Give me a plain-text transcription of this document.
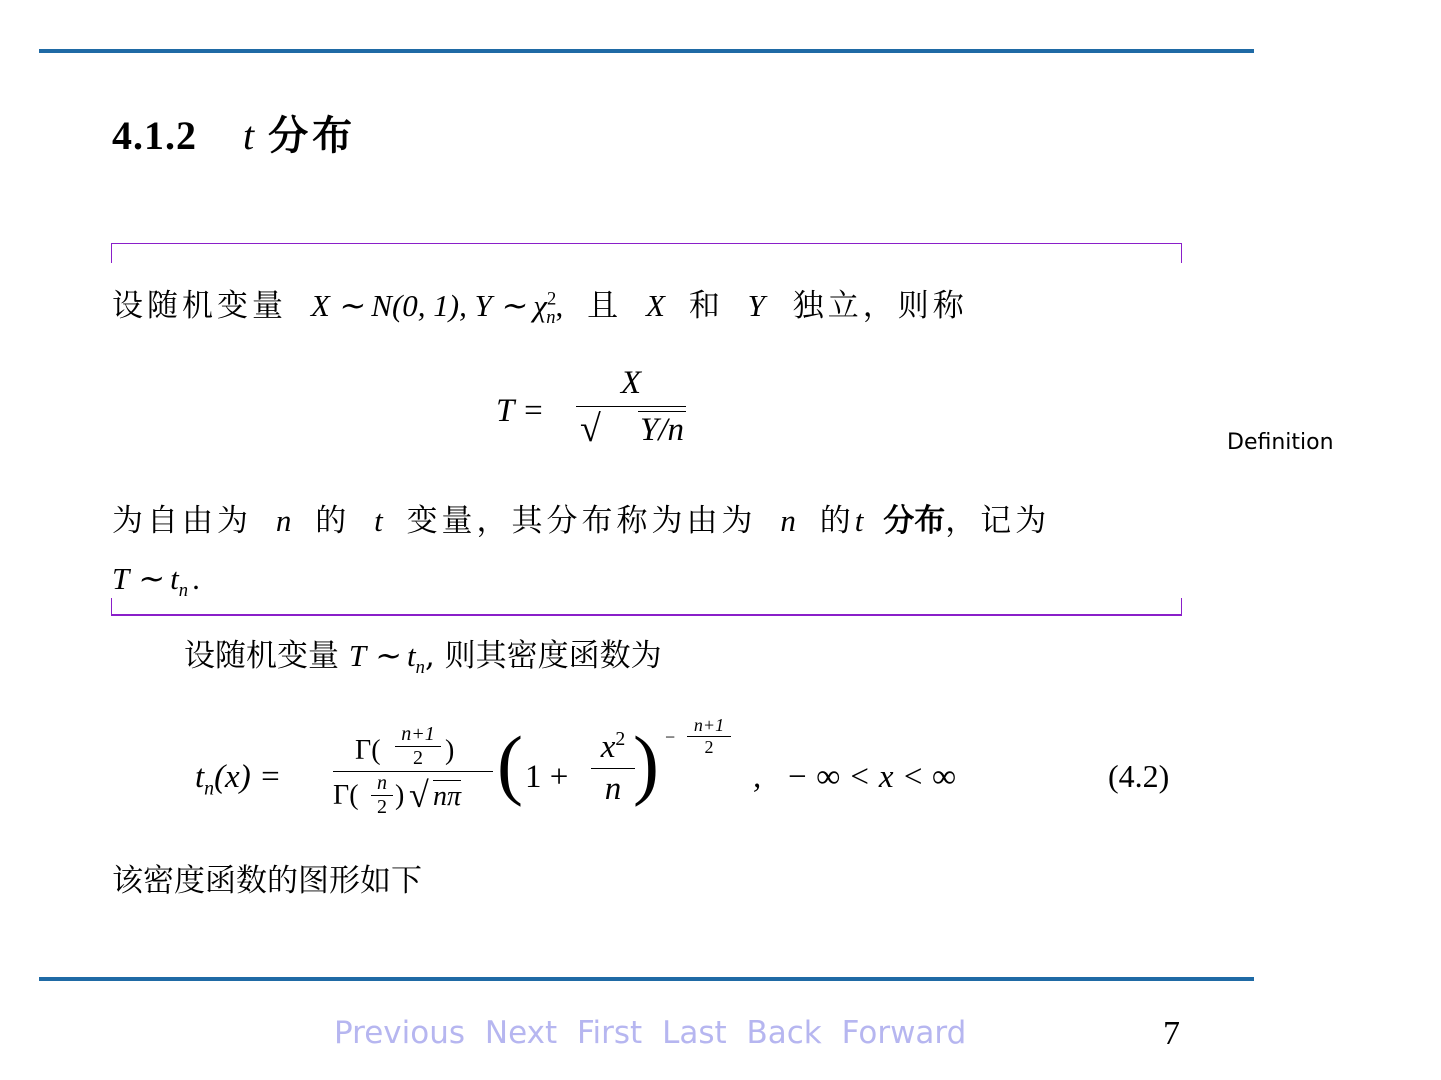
4.1.2 t 分布
设随机变量 X ∼ N(0, 1), Y ∼ $\chi^2_n$, 且 X 和 Y 独立，则称
T =
X
√ Y/n
为自由为 n 的 t 变量，其分布称为由为 n 的t 分布，记为
T ∼ $t_n$ .
Definition
设随机变量 T ∼ $t_n$, 则其密度函数为
$t_n(x)$ =
Γ(
n+1
2 )
Γ( n
2 ) √ nπ ( 1 +
$x^2$
n ) −
n+1
2
,   − ∞ < x < ∞	(4.2)
该密度函数的图形如下
Previous Next First Last Back Forward	7
